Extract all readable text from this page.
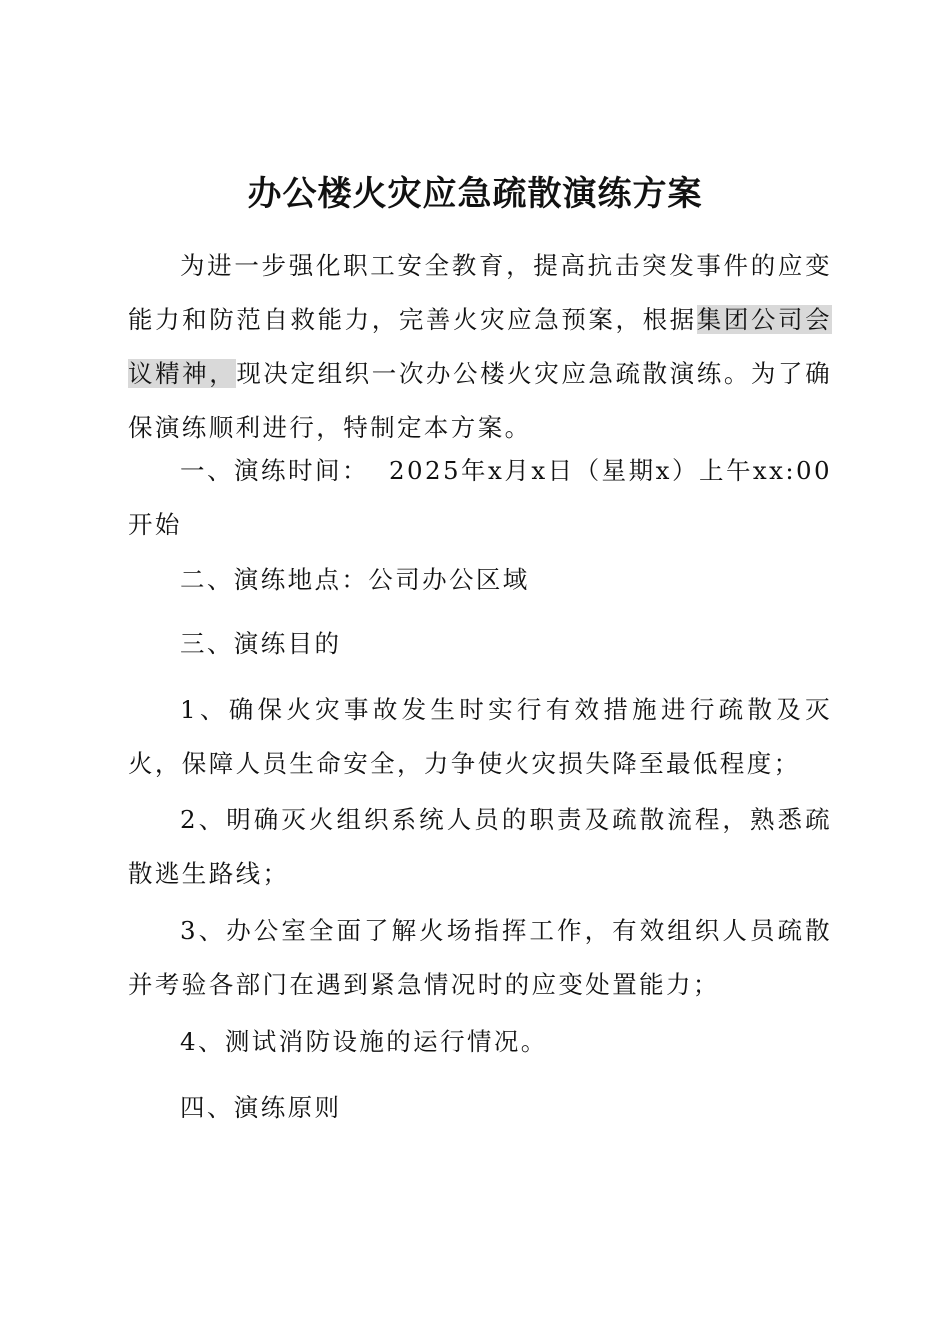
办公楼火灾应急疏散演练方案
为进一步强化职工安全教育，提高抗击突发事件的应变能力和防范自救能力，完善火灾应急预案，根据集团公司会议精神，现决定组织一次办公楼火灾应急疏散演练。为了确保演练顺利进行，特制定本方案。
一、演练时间： 2025年x月x日（星期x）上午xx:00开始
二、演练地点：公司办公区域
三、演练目的
1、确保火灾事故发生时实行有效措施进行疏散及灭火，保障人员生命安全，力争使火灾损失降至最低程度；
2、明确灭火组织系统人员的职责及疏散流程，熟悉疏散逃生路线；
3、办公室全面了解火场指挥工作，有效组织人员疏散并考验各部门在遇到紧急情况时的应变处置能力；
4、测试消防设施的运行情况。
四、演练原则
